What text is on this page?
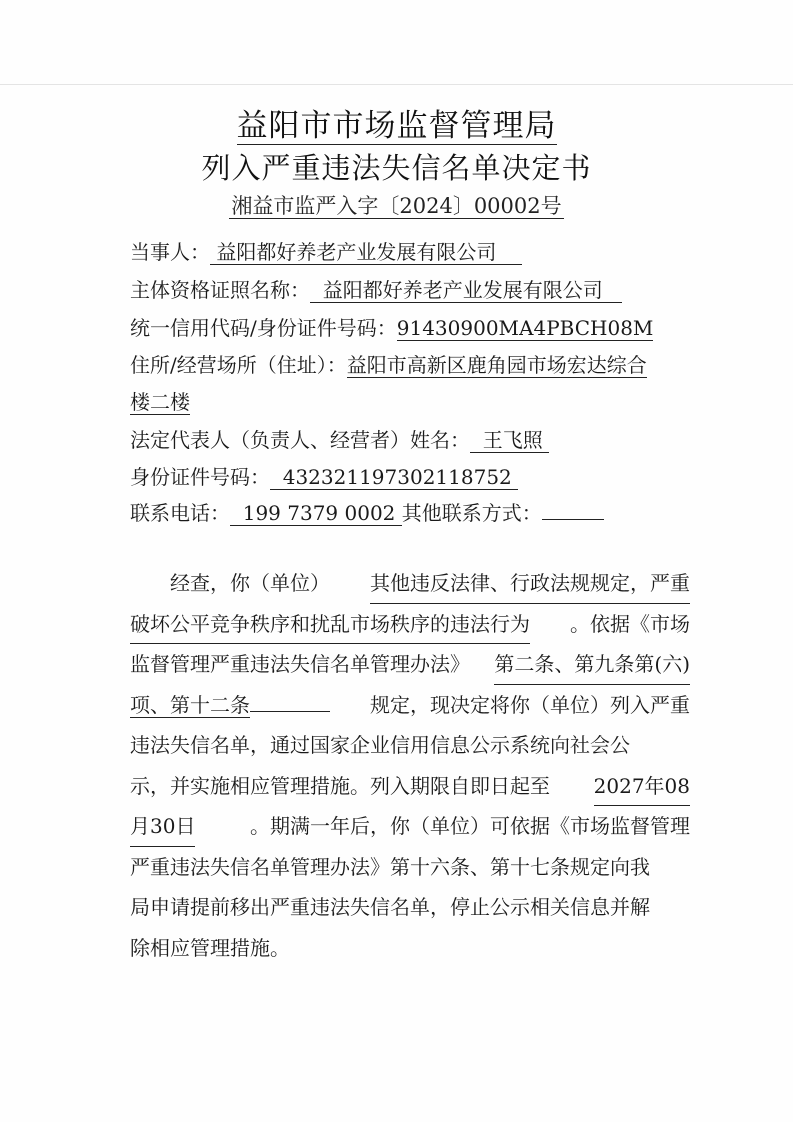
益阳市市场监督管理局
列入严重违法失信名单决定书
湘益市监严入字〔2024〕00002号
当事人： 益阳都好养老产业发展有限公司
主体资格证照名称： 益阳都好养老产业发展有限公司
统一信用代码/身份证件号码：91430900MA4PBCH08M
住所/经营场所（住址）：益阳市高新区鹿角园市场宏达综合
楼二楼
法定代表人（负责人、经营者）姓名： 王飞照
身份证件号码： 432321197302118752
联系电话： 199 7379 0002 其他联系方式：
经查，你（单位） 其他违反法律、行政法规规定，严重
破坏公平竞争秩序和扰乱市场秩序的违法行为 。依据《市场
监督管理严重违法失信名单管理办法》 第二条、第九条第(六)
项、第十二条	规定，现决定将你（单位）列入严重
违法失信名单，通过国家企业信用信息公示系统向社会公
示，并实施相应管理措施。列入期限自即日起至 2027年08
月30日	。期满一年后，你（单位）可依据《市场监督管理
严重违法失信名单管理办法》第十六条、第十七条规定向我
局申请提前移出严重违法失信名单，停止公示相关信息并解
除相应管理措施。
